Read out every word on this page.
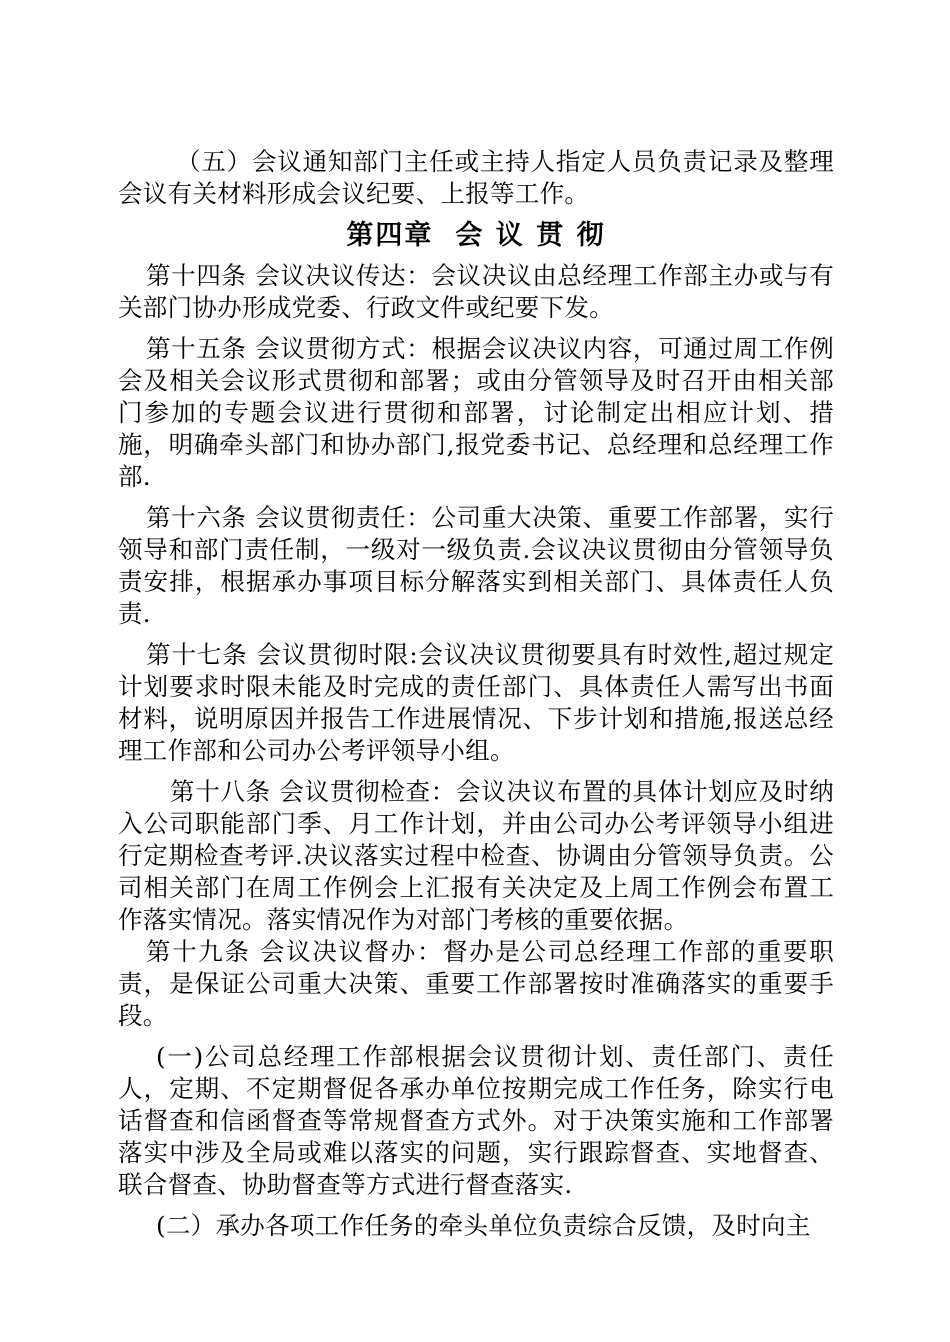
（五）会议通知部门主任或主持人指定人员负责记录及整理会议有关材料形成会议纪要、上报等工作。

第四章 会 议 贯 彻

第十四条 会议决议传达：会议决议由总经理工作部主办或与有关部门协办形成党委、行政文件或纪要下发。

第十五条 会议贯彻方式：根据会议决议内容，可通过周工作例会及相关会议形式贯彻和部署；或由分管领导及时召开由相关部门参加的专题会议进行贯彻和部署，讨论制定出相应计划、措施，明确牵头部门和协办部门,报党委书记、总经理和总经理工作部.

第十六条 会议贯彻责任：公司重大决策、重要工作部署，实行领导和部门责任制，一级对一级负责.会议决议贯彻由分管领导负责安排，根据承办事项目标分解落实到相关部门、具体责任人负责.

第十七条 会议贯彻时限:会议决议贯彻要具有时效性,超过规定计划要求时限未能及时完成的责任部门、具体责任人需写出书面材料，说明原因并报告工作进展情况、下步计划和措施,报送总经理工作部和公司办公考评领导小组。

第十八条 会议贯彻检查：会议决议布置的具体计划应及时纳入公司职能部门季、月工作计划，并由公司办公考评领导小组进行定期检查考评.决议落实过程中检查、协调由分管领导负责。公司相关部门在周工作例会上汇报有关决定及上周工作例会布置工作落实情况。落实情况作为对部门考核的重要依据。

第十九条 会议决议督办：督办是公司总经理工作部的重要职责，是保证公司重大决策、重要工作部署按时准确落实的重要手段。

(一)公司总经理工作部根据会议贯彻计划、责任部门、责任人，定期、不定期督促各承办单位按期完成工作任务，除实行电话督查和信函督查等常规督查方式外。对于决策实施和工作部署落实中涉及全局或难以落实的问题，实行跟踪督查、实地督查、联合督查、协助督查等方式进行督查落实.

(二）承办各项工作任务的牵头单位负责综合反馈，及时向主
